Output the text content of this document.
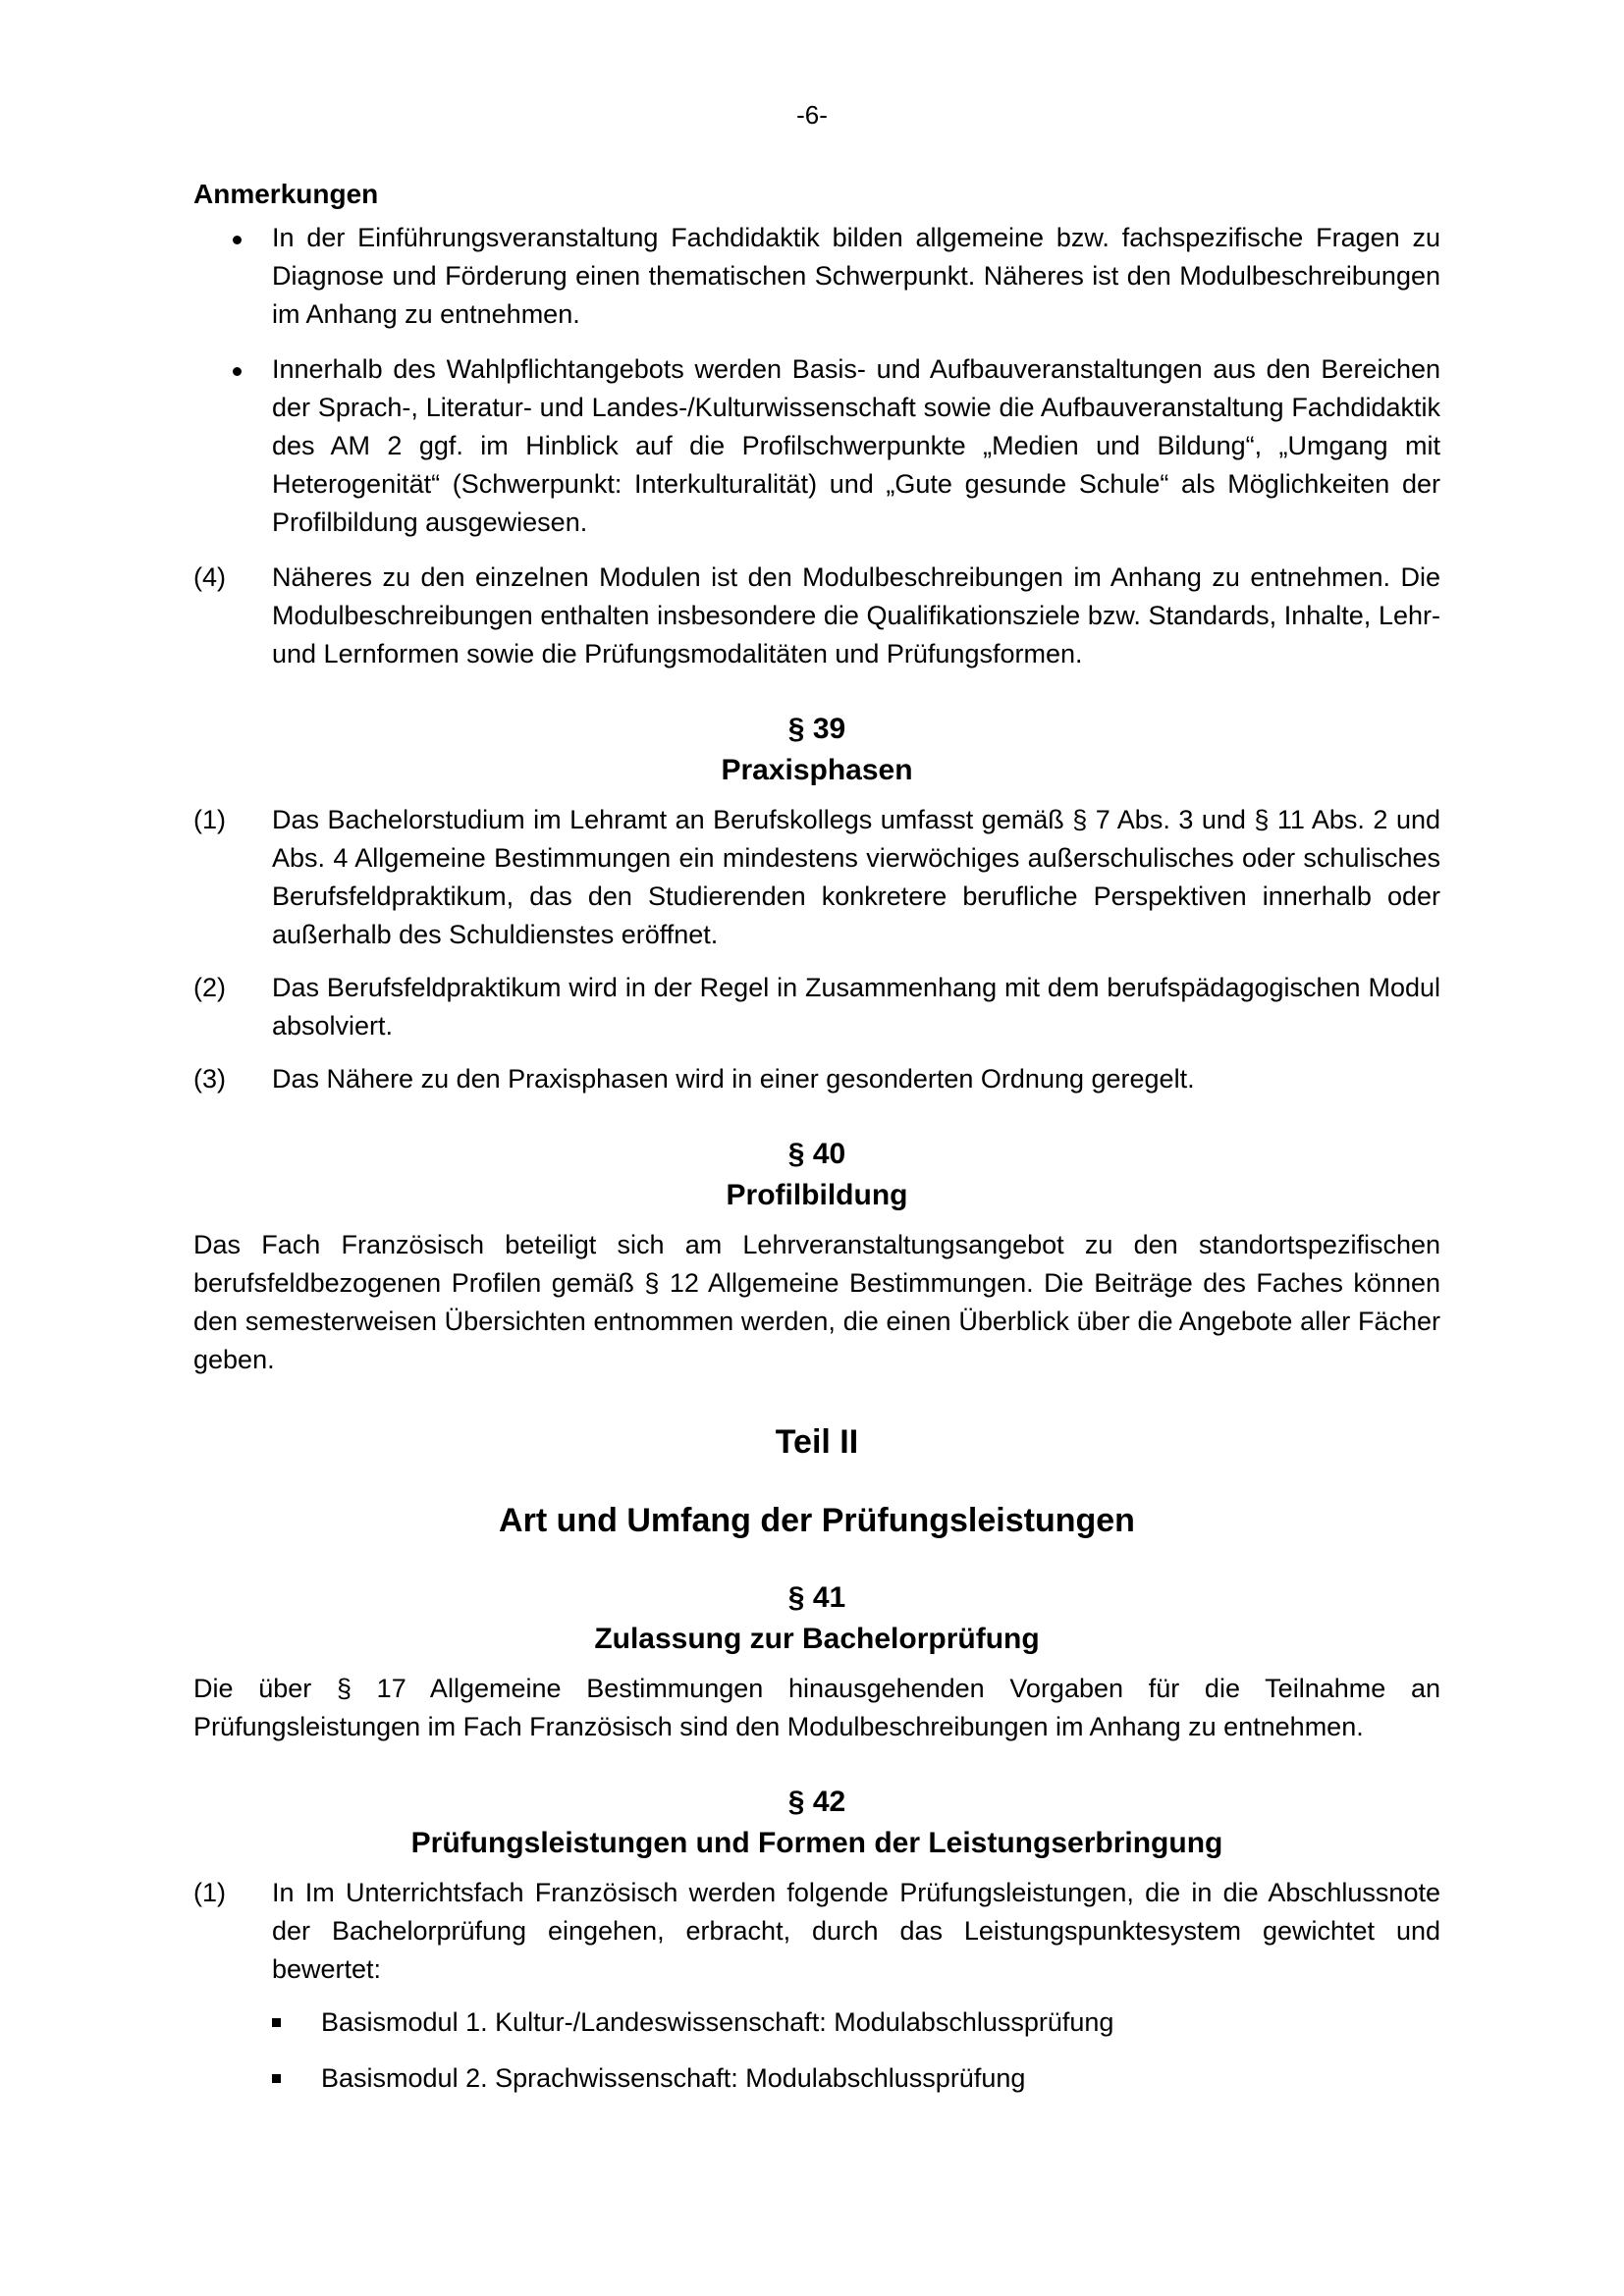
-6-
Anmerkungen
In der Einführungsveranstaltung Fachdidaktik bilden allgemeine bzw. fachspezifische Fragen zu Diagnose und Förderung einen thematischen Schwerpunkt. Näheres ist den Modulbeschreibungen im Anhang zu entnehmen.
Innerhalb des Wahlpflichtangebots werden Basis- und Aufbauveranstaltungen aus den Bereichen der Sprach-, Literatur- und Landes-/Kulturwissenschaft sowie die Aufbauveranstaltung Fachdidaktik des AM 2 ggf. im Hinblick auf die Profilschwerpunkte „Medien und Bildung“, „Umgang mit Heterogenität“ (Schwerpunkt: Interkulturalität) und „Gute gesunde Schule“ als Möglichkeiten der Profilbildung ausgewiesen.
(4) Näheres zu den einzelnen Modulen ist den Modulbeschreibungen im Anhang zu entnehmen. Die Modulbeschreibungen enthalten insbesondere die Qualifikationsziele bzw. Standards, Inhalte, Lehr- und Lernformen sowie die Prüfungsmodalitäten und Prüfungsformen.
§ 39
Praxisphasen
(1) Das Bachelorstudium im Lehramt an Berufskollegs umfasst gemäß § 7 Abs. 3 und § 11 Abs. 2 und Abs. 4 Allgemeine Bestimmungen ein mindestens vierwöchiges außerschulisches oder schulisches Berufsfeldpraktikum, das den Studierenden konkretere berufliche Perspektiven innerhalb oder außerhalb des Schuldienstes eröffnet.
(2) Das Berufsfeldpraktikum wird in der Regel in Zusammenhang mit dem berufspädagogischen Modul absolviert.
(3) Das Nähere zu den Praxisphasen wird in einer gesonderten Ordnung geregelt.
§ 40
Profilbildung
Das Fach Französisch beteiligt sich am Lehrveranstaltungsangebot zu den standortspezifischen berufsfeldbezogenen Profilen gemäß § 12 Allgemeine Bestimmungen. Die Beiträge des Faches können den semesterweisen Übersichten entnommen werden, die einen Überblick über die Angebote aller Fächer geben.
Teil II
Art und Umfang der Prüfungsleistungen
§ 41
Zulassung zur Bachelorprüfung
Die über § 17 Allgemeine Bestimmungen hinausgehenden Vorgaben für die Teilnahme an Prüfungsleistungen im Fach Französisch sind den Modulbeschreibungen im Anhang zu entnehmen.
§ 42
Prüfungsleistungen und Formen der Leistungserbringung
(1) In Im Unterrichtsfach Französisch werden folgende Prüfungsleistungen, die in die Abschlussnote der Bachelorprüfung eingehen, erbracht, durch das Leistungspunktesystem gewichtet und bewertet:
Basismodul 1. Kultur-/Landeswissenschaft: Modulabschlussprüfung
Basismodul 2. Sprachwissenschaft: Modulabschlussprüfung
